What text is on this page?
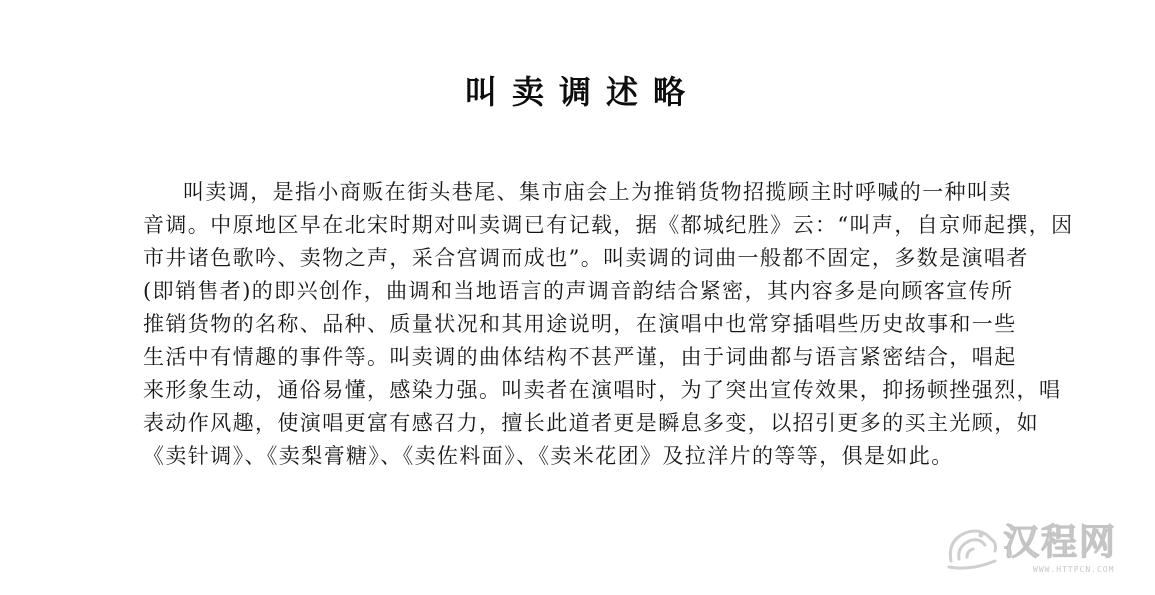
叫卖调述略
叫卖调，是指小商贩在街头巷尾、集市庙会上为推销货物招揽顾主时呼喊的一种叫卖
音调。中原地区早在北宋时期对叫卖调已有记载，据《都城纪胜》云：“叫声，自京师起撰，因
市井诸色歌吟、卖物之声，采合宫调而成也”。叫卖调的词曲一般都不固定，多数是演唱者
(即销售者)的即兴创作，曲调和当地语言的声调音韵结合紧密，其内容多是向顾客宣传所
推销货物的名称、品种、质量状况和其用途说明，在演唱中也常穿插唱些历史故事和一些
生活中有情趣的事件等。叫卖调的曲体结构不甚严谨，由于词曲都与语言紧密结合，唱起
来形象生动，通俗易懂，感染力强。叫卖者在演唱时，为了突出宣传效果，抑扬顿挫强烈，唱
表动作风趣，使演唱更富有感召力，擅长此道者更是瞬息多变，以招引更多的买主光顾，如
《卖针调》、《卖梨膏糖》、《卖佐料面》、《卖米花团》及拉洋片的等等，俱是如此。
汉程网
WWW.HTTPCN.COM
